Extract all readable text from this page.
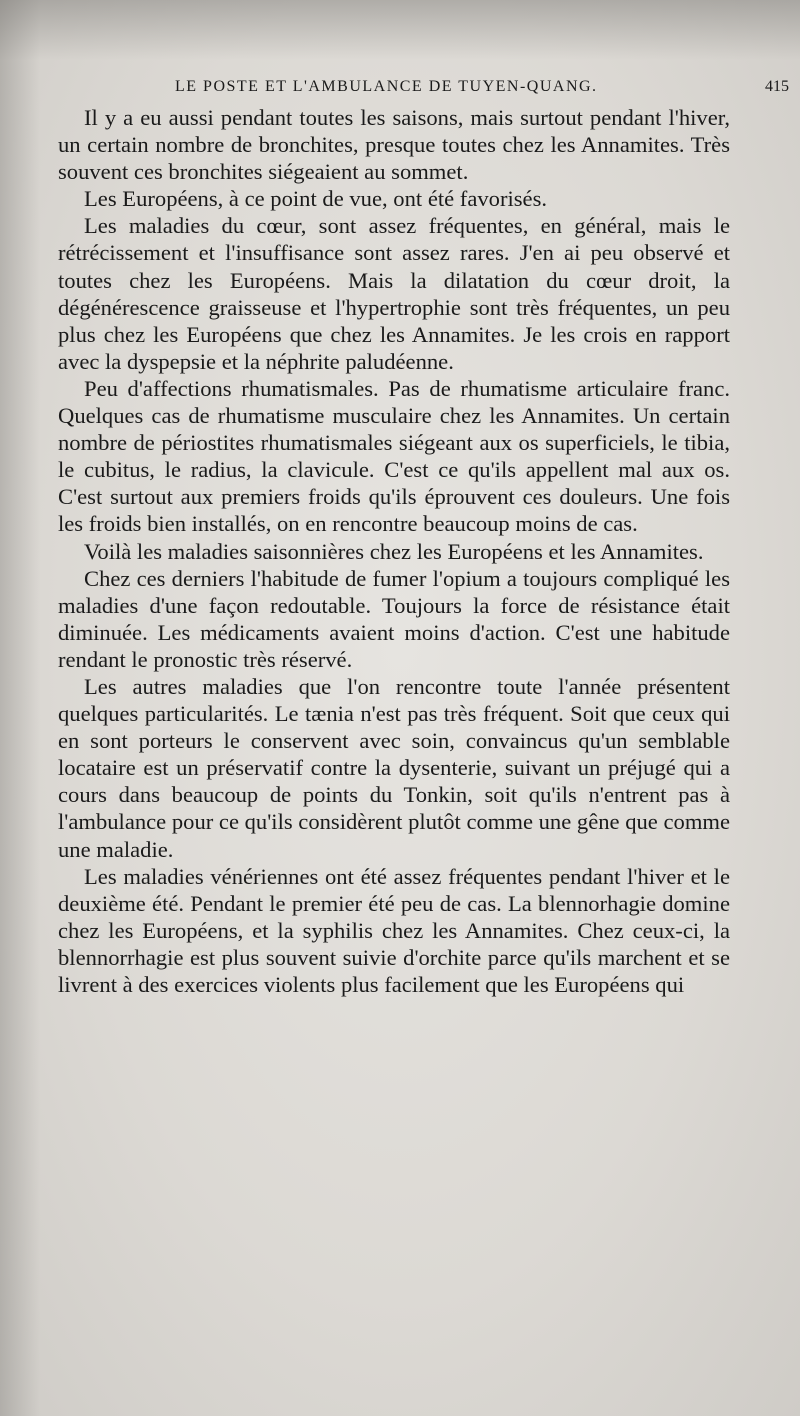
LE POSTE ET L'AMBULANCE DE TUYEN-QUANG.	415

Il y a eu aussi pendant toutes les saisons, mais surtout pendant l'hiver, un certain nombre de bronchites, presque toutes chez les Annamites. Très souvent ces bronchites siégeaient au sommet.

Les Européens, à ce point de vue, ont été favorisés.

Les maladies du cœur, sont assez fréquentes, en général, mais le rétrécissement et l'insuffisance sont assez rares. J'en ai peu observé et toutes chez les Européens. Mais la dilatation du cœur droit, la dégénérescence graisseuse et l'hypertrophie sont très fréquentes, un peu plus chez les Européens que chez les Annamites. Je les crois en rapport avec la dyspepsie et la néphrite paludéenne.

Peu d'affections rhumatismales. Pas de rhumatisme articulaire franc. Quelques cas de rhumatisme musculaire chez les Annamites. Un certain nombre de périostites rhumatismales siégeant aux os superficiels, le tibia, le cubitus, le radius, la clavicule. C'est ce qu'ils appellent mal aux os. C'est surtout aux premiers froids qu'ils éprouvent ces douleurs. Une fois les froids bien installés, on en rencontre beaucoup moins de cas.

Voilà les maladies saisonnières chez les Européens et les Annamites.

Chez ces derniers l'habitude de fumer l'opium a toujours compliqué les maladies d'une façon redoutable. Toujours la force de résistance était diminuée. Les médicaments avaient moins d'action. C'est une habitude rendant le pronostic très réservé.

Les autres maladies que l'on rencontre toute l'année présentent quelques particularités. Le tænia n'est pas très fréquent. Soit que ceux qui en sont porteurs le conservent avec soin, convaincus qu'un semblable locataire est un préservatif contre la dysenterie, suivant un préjugé qui a cours dans beaucoup de points du Tonkin, soit qu'ils n'entrent pas à l'ambulance pour ce qu'ils considèrent plutôt comme une gêne que comme une maladie.

Les maladies vénériennes ont été assez fréquentes pendant l'hiver et le deuxième été. Pendant le premier été peu de cas. La blennorhagie domine chez les Européens, et la syphilis chez les Annamites. Chez ceux-ci, la blennorrhagie est plus souvent suivie d'orchite parce qu'ils marchent et se livrent à des exercices violents plus facilement que les Européens qui
